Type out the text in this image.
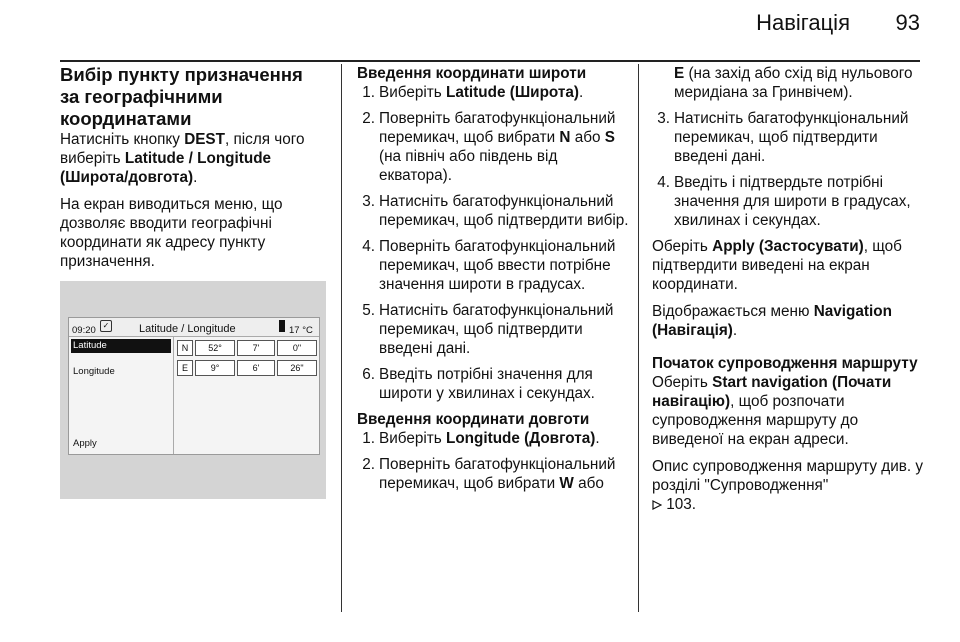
Навігація 93
Вибір пункту призначення за географічними координатами

Натисніть кнопку DEST, після чого виберіть Latitude / Longitude (Широта/довгота).

На екран виводиться меню, що дозволяє вводити географічні координати як адресу пункту призначення.

09:20 ✓	Latitude / Longitude	17 °C
Latitude
Longitude
Apply
N	52°	7'	0"
E	9°	6'	26"
Введення координати широти
1. Виберіть Latitude (Широта).
2. Поверніть багатофункціональний перемикач, щоб вибрати N або S (на північ або південь від екватора).
3. Натисніть багатофункціональний перемикач, щоб підтвердити вибір.
4. Поверніть багатофункціональний перемикач, щоб ввести потрібне значення широти в градусах.
5. Натисніть багатофункціональний перемикач, щоб підтвердити введені дані.
6. Введіть потрібні значення для широти у хвилинах і секундах.
Введення координати довготи
1. Виберіть Longitude (Довгота).
2. Поверніть багатофункціональний перемикач, щоб вибрати W або
E (на захід або схід від нульового меридіана за Гринвічем).
3. Натисніть багатофункціональний перемикач, щоб підтвердити введені дані.
4. Введіть і підтвердьте потрібні значення для широти в градусах, хвилинах і секундах.

Оберіть Apply (Застосувати), щоб підтвердити виведені на екран координати.

Відображається меню Navigation (Навігація).

Початок супроводження маршруту

Оберіть Start navigation (Почати навігацію), щоб розпочати супроводження маршруту до виведеної на екран адреси.

Опис супроводження маршруту див. у розділі "Супроводження"

103.
